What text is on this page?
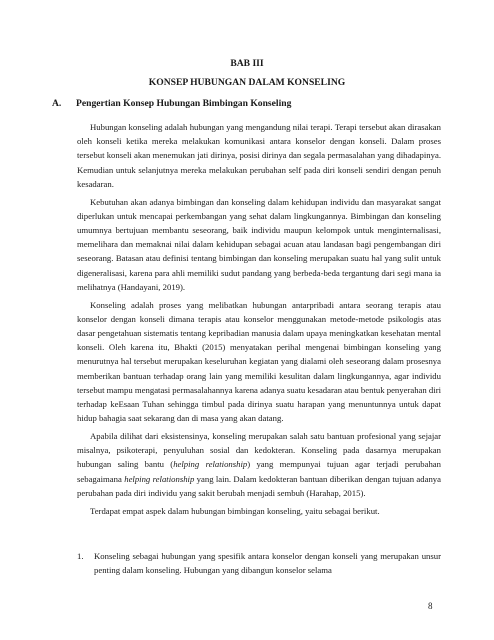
BAB III
KONSEP HUBUNGAN DALAM KONSELING
A. Pengertian Konsep Hubungan Bimbingan Konseling

Hubungan konseling adalah hubungan yang mengandung nilai terapi. Terapi tersebut akan dirasakan oleh konseli ketika mereka melakukan komunikasi antara konselor dengan konseli. Dalam proses tersebut konseli akan menemukan jati dirinya, posisi dirinya dan segala permasalahan yang dihadapinya. Kemudian untuk selanjutnya mereka melakukan perubahan self pada diri konseli sendiri dengan penuh kesadaran.

Kebutuhan akan adanya bimbingan dan konseling dalam kehidupan individu dan masyarakat sangat diperlukan untuk mencapai perkembangan yang sehat dalam lingkungannya. Bimbingan dan konseling umumnya bertujuan membantu seseorang, baik individu maupun kelompok untuk menginternalisasi, memelihara dan memaknai nilai dalam kehidupan sebagai acuan atau landasan bagi pengembangan diri seseorang. Batasan atau definisi tentang bimbingan dan konseling merupakan suatu hal yang sulit untuk digeneralisasi, karena para ahli memiliki sudut pandang yang berbeda-beda tergantung dari segi mana ia melihatnya (Handayani, 2019).

Konseling adalah proses yang melibatkan hubungan antarpribadi antara seorang terapis atau konselor dengan konseli dimana terapis atau konselor menggunakan metode-metode psikologis atas dasar pengetahuan sistematis tentang kepribadian manusia dalam upaya meningkatkan kesehatan mental konseli. Oleh karena itu, Bhakti (2015) menyatakan perihal mengenai bimbingan konseling yang menurutnya hal tersebut merupakan keseluruhan kegiatan yang dialami oleh seseorang dalam prosesnya memberikan bantuan terhadap orang lain yang memiliki kesulitan dalam lingkungannya, agar individu tersebut mampu mengatasi permasalahannya karena adanya suatu kesadaran atau bentuk penyerahan diri terhadap keEsaan Tuhan sehingga timbul pada dirinya suatu harapan yang menuntunnya untuk dapat hidup bahagia saat sekarang dan di masa yang akan datang.

Apabila dilihat dari eksistensinya, konseling merupakan salah satu bantuan profesional yang sejajar misalnya, psikoterapi, penyuluhan sosial dan kedokteran. Konseling pada dasarnya merupakan hubungan saling bantu (helping relationship) yang mempunyai tujuan agar terjadi perubahan sebagaimana helping relationship yang lain. Dalam kedokteran bantuan diberikan dengan tujuan adanya perubahan pada diri individu yang sakit berubah menjadi sembuh (Harahap, 2015).

Terdapat empat aspek dalam hubungan bimbingan konseling, yaitu sebagai berikut.

1. Konseling sebagai hubungan yang spesifik antara konselor dengan konseli yang merupakan unsur penting dalam konseling. Hubungan yang dibangun konselor selama
8
